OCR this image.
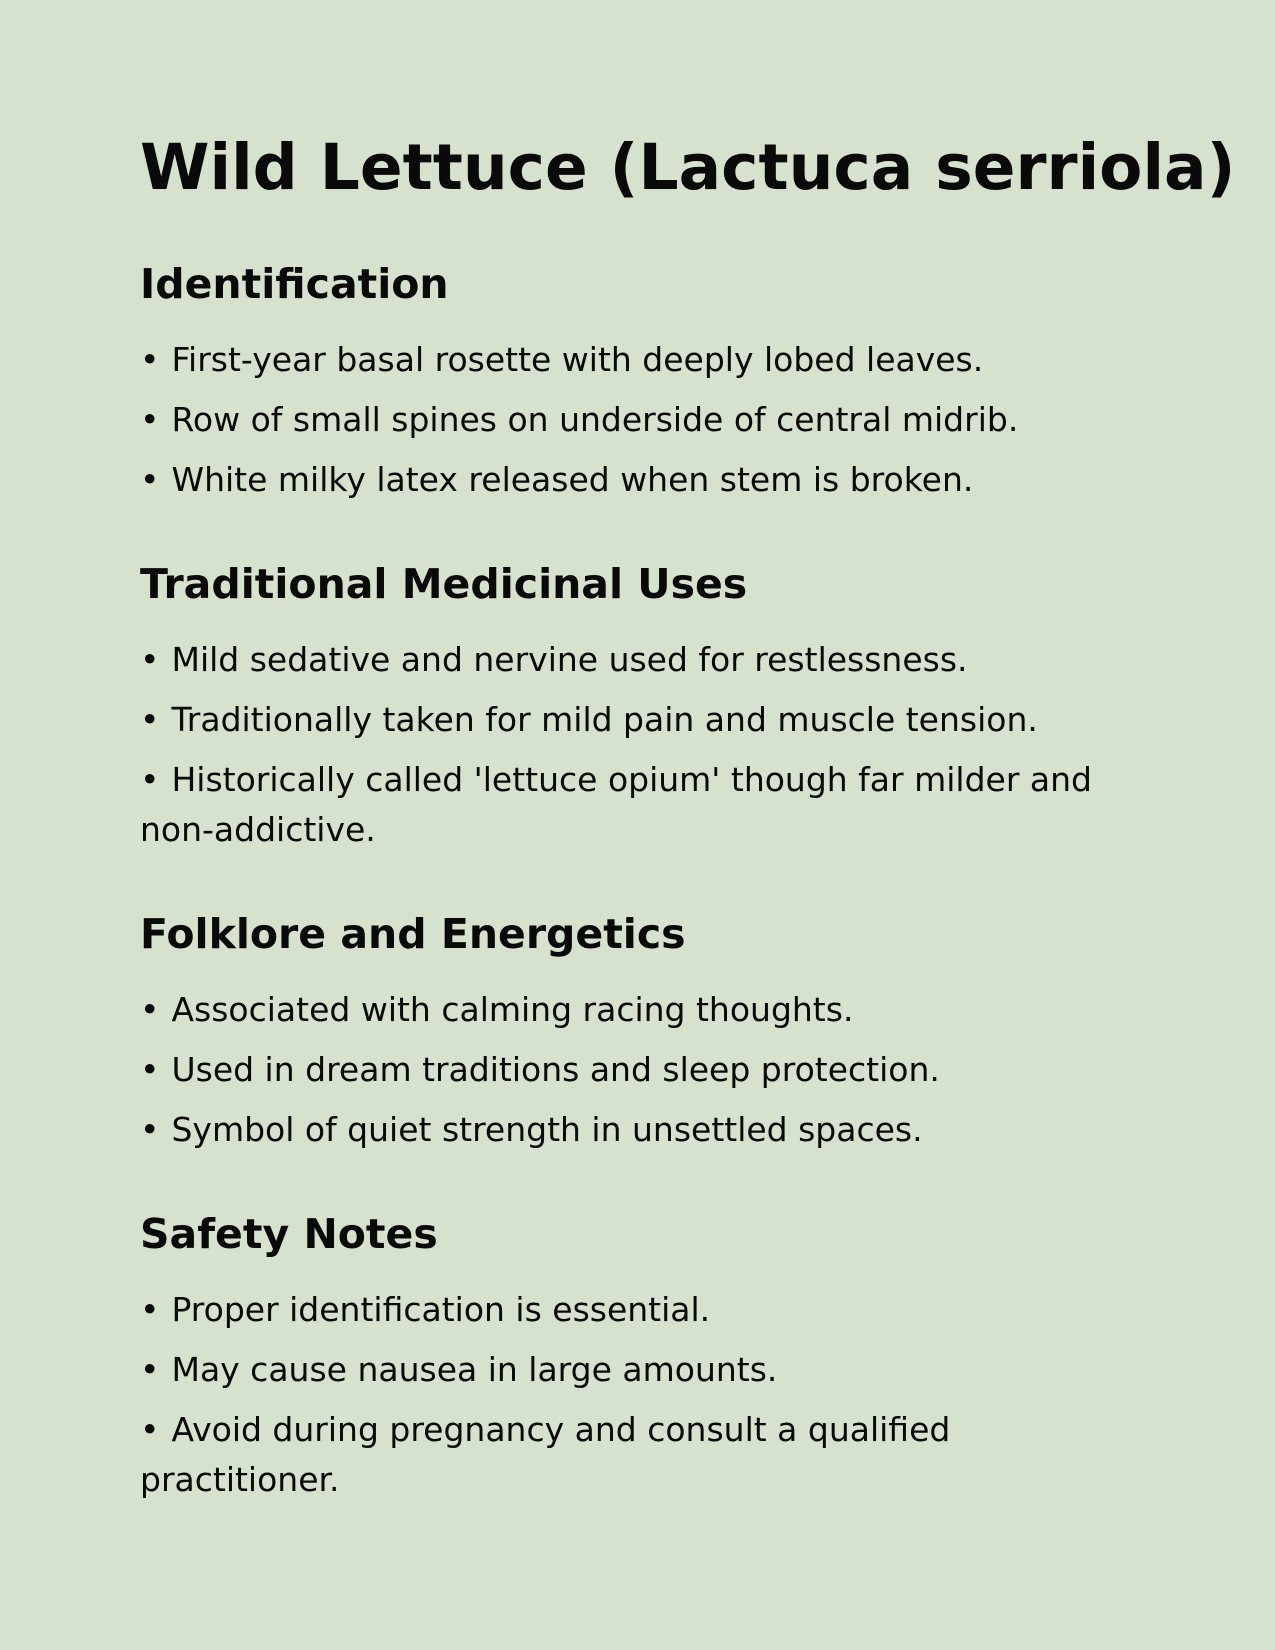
Wild Lettuce (Lactuca serriola)
Identification
• First-year basal rosette with deeply lobed leaves.
• Row of small spines on underside of central midrib.
• White milky latex released when stem is broken.
Traditional Medicinal Uses
• Mild sedative and nervine used for restlessness.
• Traditionally taken for mild pain and muscle tension.
• Historically called 'lettuce opium' though far milder and non-addictive.
Folklore and Energetics
• Associated with calming racing thoughts.
• Used in dream traditions and sleep protection.
• Symbol of quiet strength in unsettled spaces.
Safety Notes
• Proper identification is essential.
• May cause nausea in large amounts.
• Avoid during pregnancy and consult a qualified practitioner.
